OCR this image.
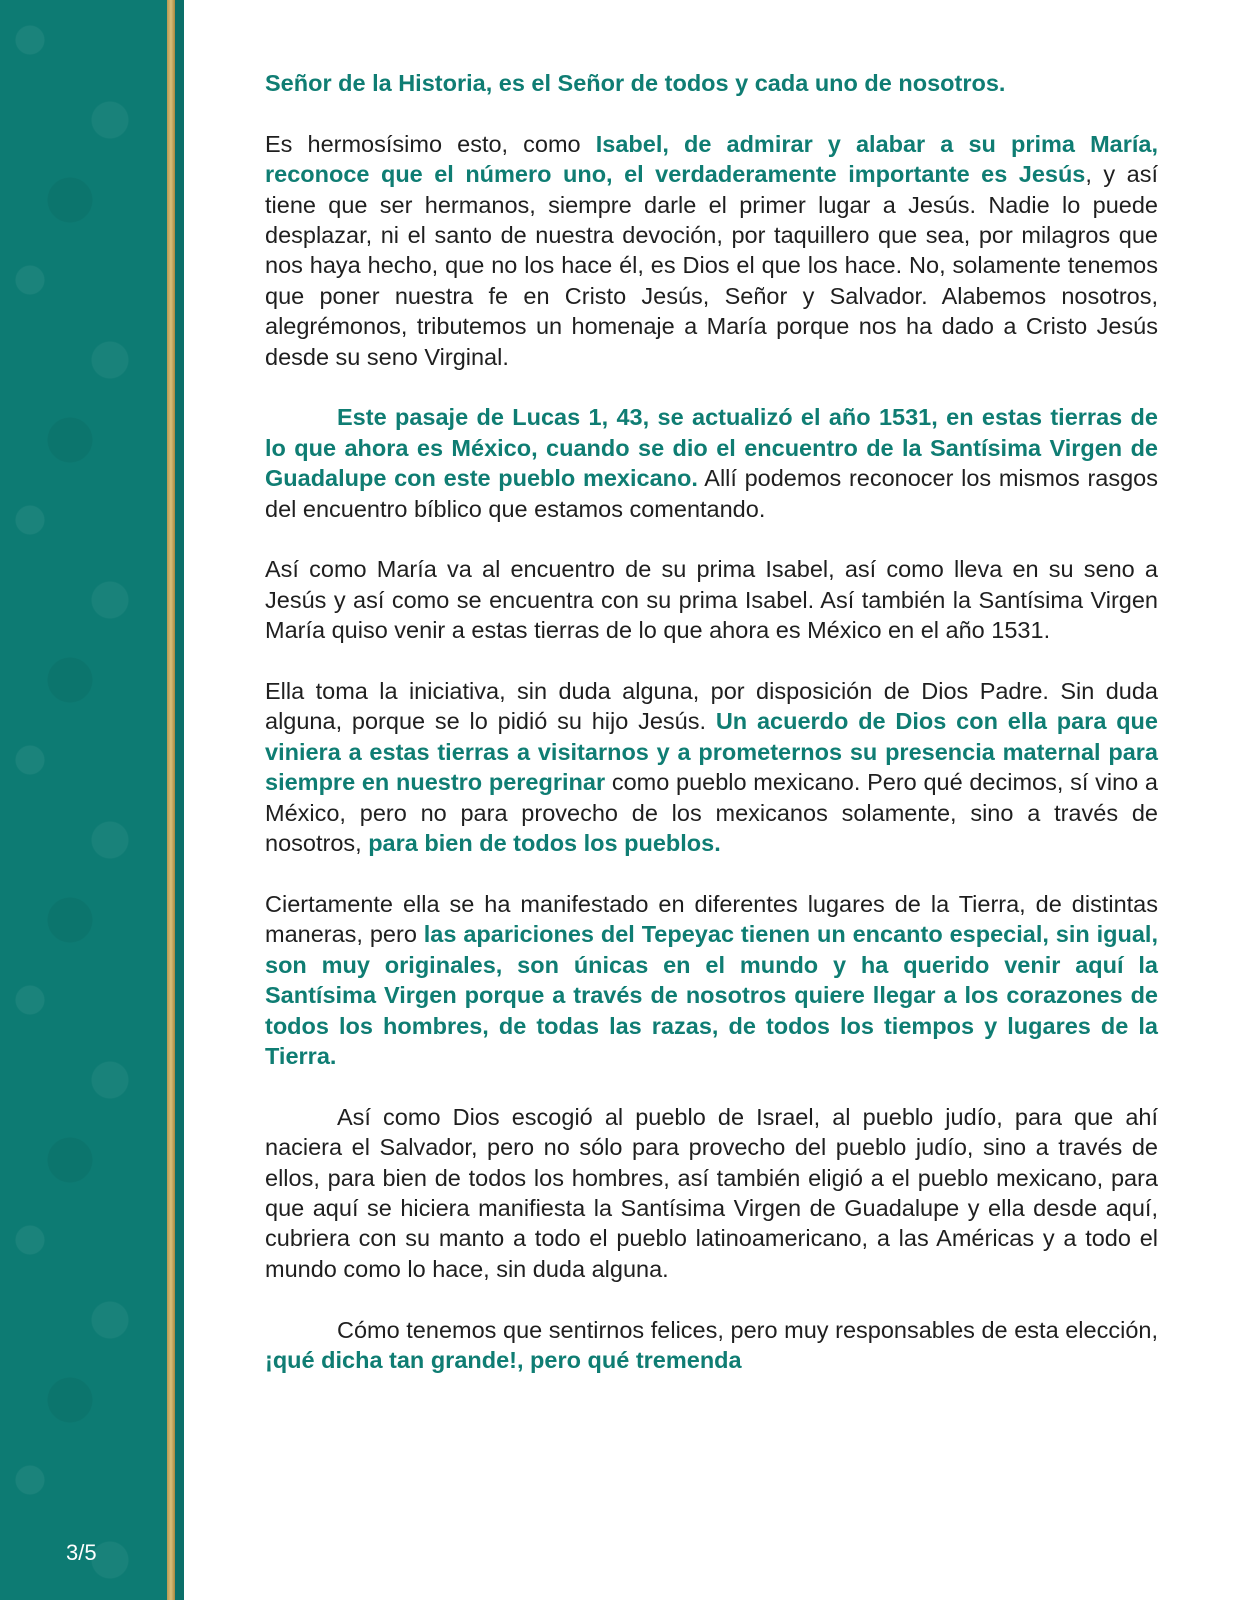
3/5

Señor de la Historia, es el Señor de todos y cada uno de nosotros.

Es hermosísimo esto, como Isabel, de admirar y alabar a su prima María, reconoce que el número uno, el verdaderamente importante es Jesús, y así tiene que ser hermanos, siempre darle el primer lugar a Jesús. Nadie lo puede desplazar, ni el santo de nuestra devoción, por taquillero que sea, por milagros que nos haya hecho, que no los hace él, es Dios el que los hace. No, solamente tenemos que poner nuestra fe en Cristo Jesús, Señor y Salvador. Alabemos nosotros, alegrémonos, tributemos un homenaje a María porque nos ha dado a Cristo Jesús desde su seno Virginal.

Este pasaje de Lucas 1, 43, se actualizó el año 1531, en estas tierras de lo que ahora es México, cuando se dio el encuentro de la Santísima Virgen de Guadalupe con este pueblo mexicano. Allí podemos reconocer los mismos rasgos del encuentro bíblico que estamos comentando.

Así como María va al encuentro de su prima Isabel, así como lleva en su seno a Jesús y así como se encuentra con su prima Isabel. Así también la Santísima Virgen María quiso venir a estas tierras de lo que ahora es México en el año 1531.

Ella toma la iniciativa, sin duda alguna, por disposición de Dios Padre. Sin duda alguna, porque se lo pidió su hijo Jesús. Un acuerdo de Dios con ella para que viniera a estas tierras a visitarnos y a prometernos su presencia maternal para siempre en nuestro peregrinar como pueblo mexicano. Pero qué decimos, sí vino a México, pero no para provecho de los mexicanos solamente, sino a través de nosotros, para bien de todos los pueblos.

Ciertamente ella se ha manifestado en diferentes lugares de la Tierra, de distintas maneras, pero las apariciones del Tepeyac tienen un encanto especial, sin igual, son muy originales, son únicas en el mundo y ha querido venir aquí la Santísima Virgen porque a través de nosotros quiere llegar a los corazones de todos los hombres, de todas las razas, de todos los tiempos y lugares de la Tierra.

Así como Dios escogió al pueblo de Israel, al pueblo judío, para que ahí naciera el Salvador, pero no sólo para provecho del pueblo judío, sino a través de ellos, para bien de todos los hombres, así también eligió a el pueblo mexicano, para que aquí se hiciera manifiesta la Santísima Virgen de Guadalupe y ella desde aquí, cubriera con su manto a todo el pueblo latinoamericano, a las Américas y a todo el mundo como lo hace, sin duda alguna.

Cómo tenemos que sentirnos felices, pero muy responsables de esta elección, ¡qué dicha tan grande!, pero qué tremenda
